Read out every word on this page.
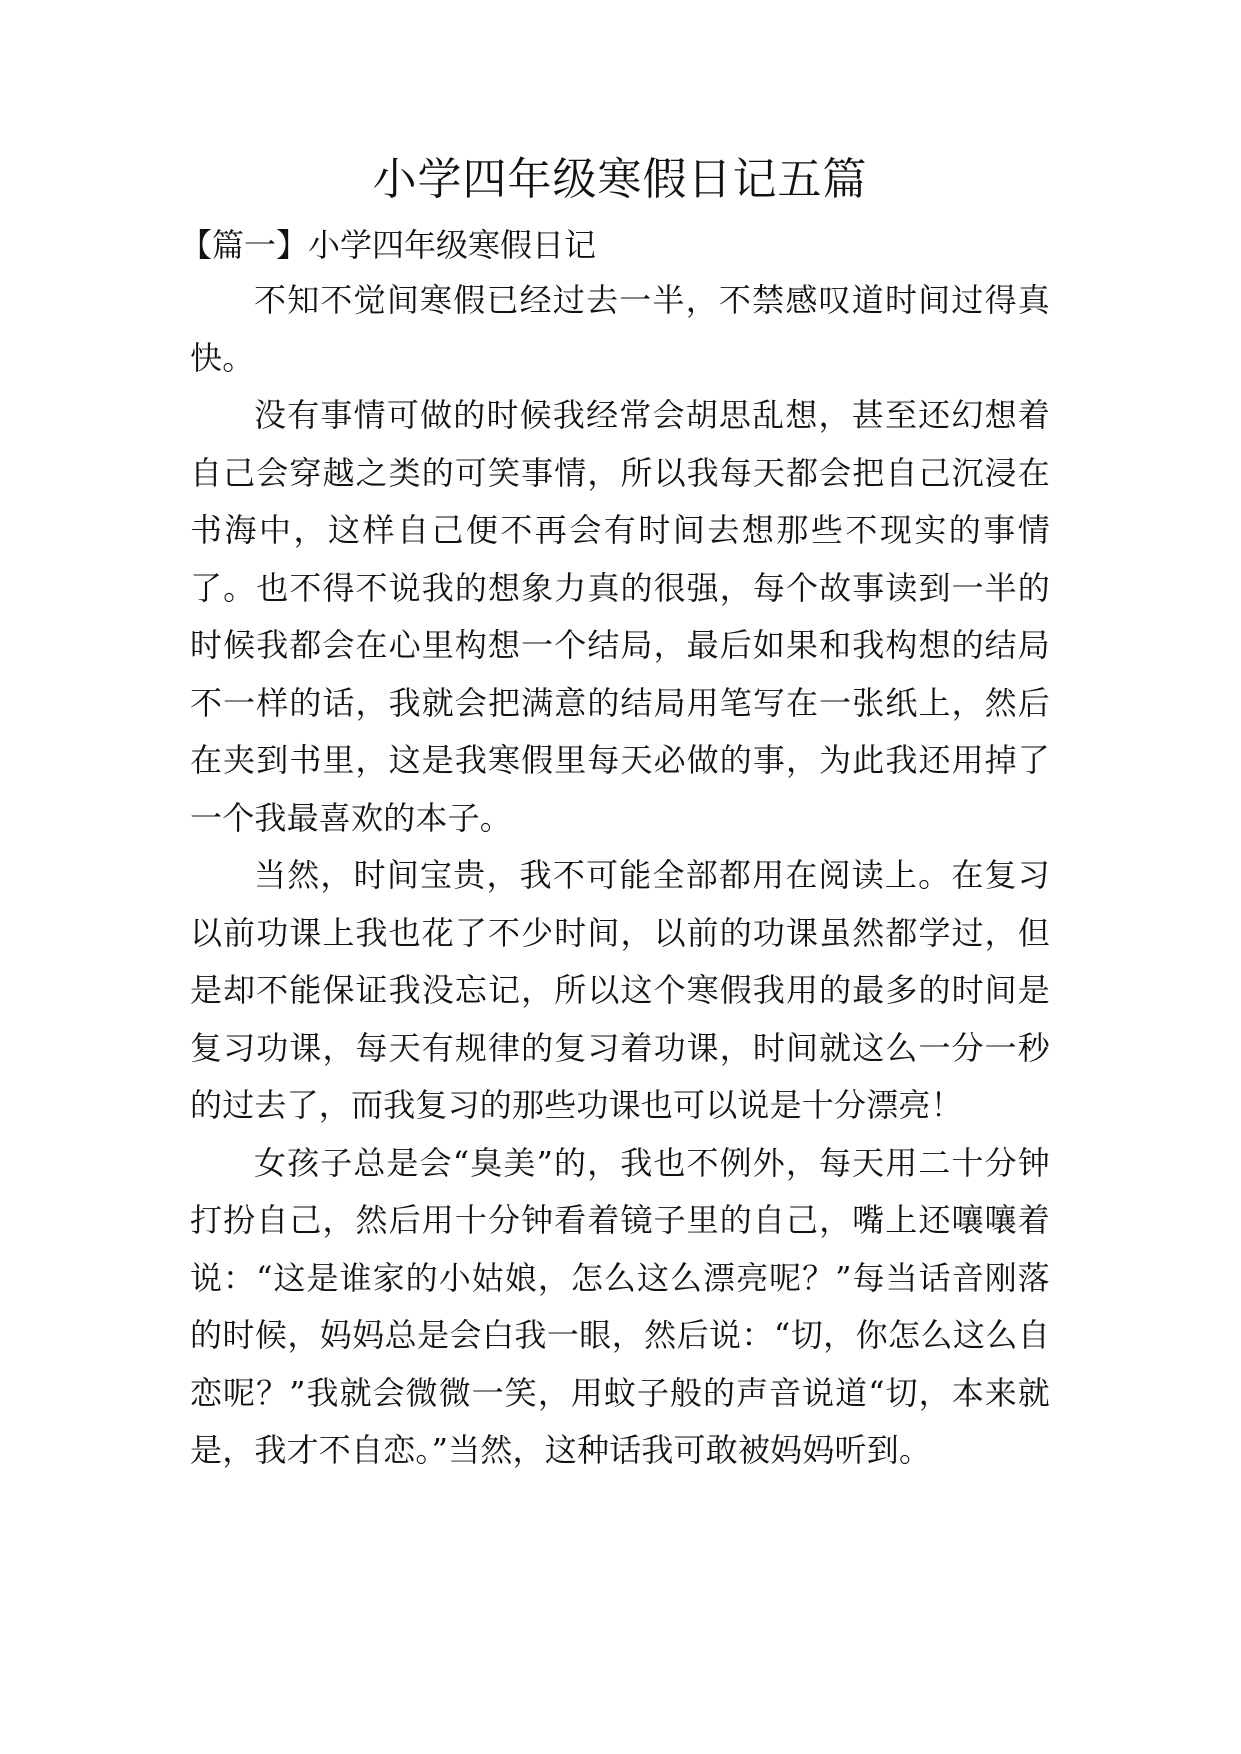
小学四年级寒假日记五篇
【篇一】小学四年级寒假日记

不知不觉间寒假已经过去一半，不禁感叹道时间过得真快。

没有事情可做的时候我经常会胡思乱想，甚至还幻想着自己会穿越之类的可笑事情，所以我每天都会把自己沉浸在书海中，这样自己便不再会有时间去想那些不现实的事情了。也不得不说我的想象力真的很强，每个故事读到一半的时候我都会在心里构想一个结局，最后如果和我构想的结局不一样的话，我就会把满意的结局用笔写在一张纸上，然后在夹到书里，这是我寒假里每天必做的事，为此我还用掉了一个我最喜欢的本子。

当然，时间宝贵，我不可能全部都用在阅读上。在复习以前功课上我也花了不少时间，以前的功课虽然都学过，但是却不能保证我没忘记，所以这个寒假我用的最多的时间是复习功课，每天有规律的复习着功课，时间就这么一分一秒的过去了，而我复习的那些功课也可以说是十分漂亮！

女孩子总是会“臭美”的，我也不例外，每天用二十分钟打扮自己，然后用十分钟看着镜子里的自己，嘴上还嚷嚷着说：“这是谁家的小姑娘，怎么这么漂亮呢？”每当话音刚落的时候，妈妈总是会白我一眼，然后说：“切，你怎么这么自恋呢？”我就会微微一笑，用蚊子般的声音说道“切，本来就是，我才不自恋。”当然，这种话我可敢被妈妈听到。
